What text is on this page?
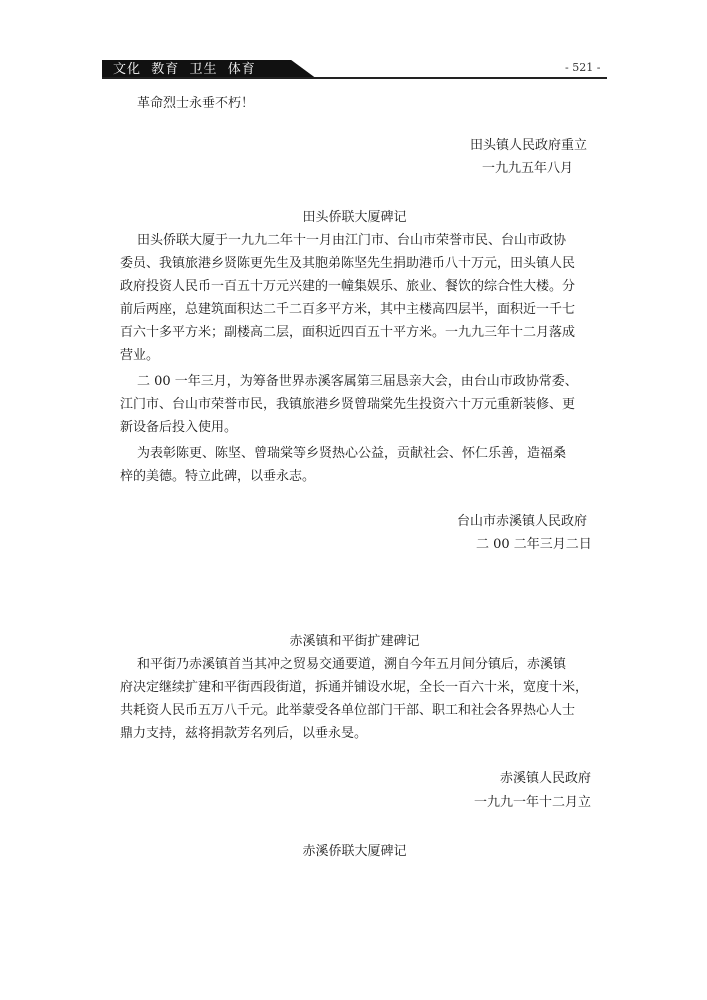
文化  教育  卫生  体育	- 521 -
革命烈士永垂不朽！
田头镇人民政府重立
一九九五年八月
田头侨联大厦碑记
田头侨联大厦于一九九二年十一月由江门市、台山市荣誉市民、台山市政协
委员、我镇旅港乡贤陈更先生及其胞弟陈坚先生捐助港币八十万元，田头镇人民
政府投资人民币一百五十万元兴建的一幢集娱乐、旅业、餐饮的综合性大楼。分
前后两座，总建筑面积达二千二百多平方米，其中主楼高四层半，面积近一千七
百六十多平方米；副楼高二层，面积近四百五十平方米。一九九三年十二月落成
营业。
二 00 一年三月，为筹备世界赤溪客属第三届恳亲大会，由台山市政协常委、
江门市、台山市荣誉市民，我镇旅港乡贤曾瑞棠先生投资六十万元重新装修、更
新设备后投入使用。
为表彰陈更、陈坚、曾瑞棠等乡贤热心公益，贡献社会、怀仁乐善，造福桑
梓的美德。特立此碑，以垂永志。
台山市赤溪镇人民政府
二 00 二年三月二日
赤溪镇和平街扩建碑记
和平街乃赤溪镇首当其冲之贸易交通要道，溯自今年五月间分镇后，赤溪镇
府决定继续扩建和平街西段街道，拆通并铺设水坭，全长一百六十米，宽度十米，
共耗资人民币五万八千元。此举蒙受各单位部门干部、职工和社会各界热心人士
鼎力支持，兹将捐款芳名列后，以垂永旻。
赤溪镇人民政府
一九九一年十二月立
赤溪侨联大厦碑记
